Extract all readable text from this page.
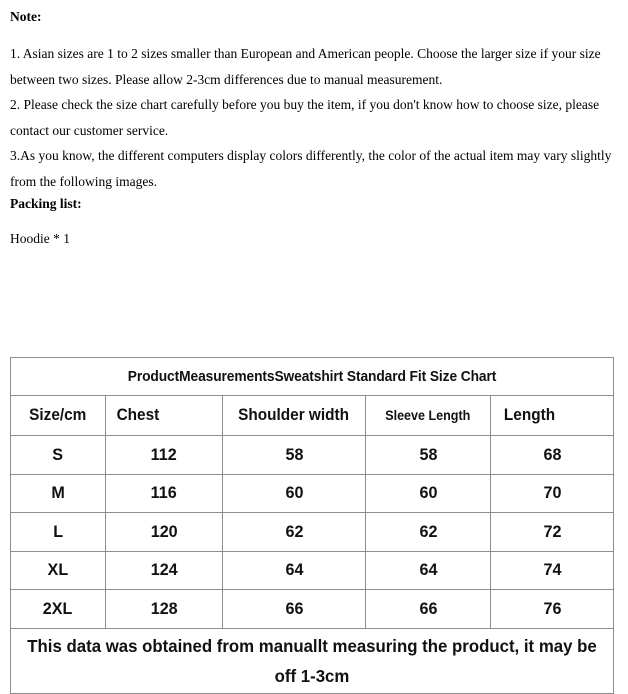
Note:

1. Asian sizes are 1 to 2 sizes smaller than European and American people. Choose the larger size if your size between two sizes. Please allow 2-3cm differences due to manual measurement.

2. Please check the size chart carefully before you buy the item, if you don't know how to choose size, please contact our customer service.

3.As you know, the different computers display colors differently, the color of the actual item may vary slightly from the following images.

Packing list:

Hoodie * 1

ProductMeasurementsSweatshirt Standard Fit Size Chart				

Size/cm	Chest	Shoulder width	Sleeve Length	Length
S	112	58	58	68
M	116	60	60	70
L	120	62	62	72
XL	124	64	64	74
2XL	128	66	66	76

This data was obtained from manuallt measuring the product, it may be off 1-3cm				
